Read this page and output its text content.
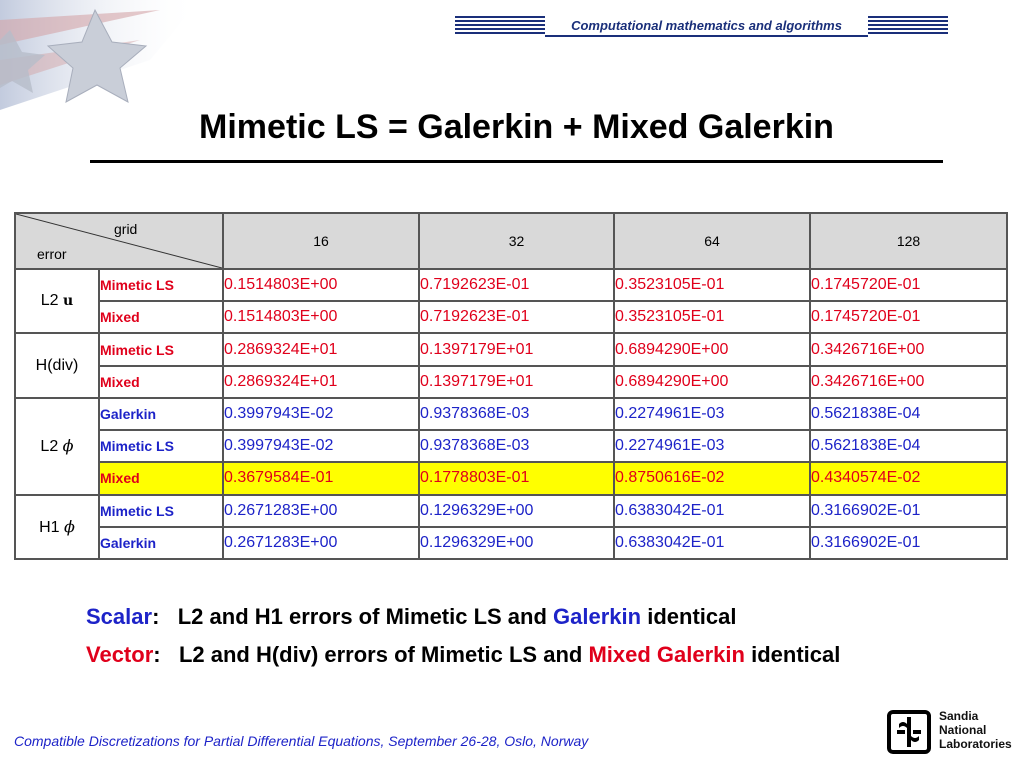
Computational mathematics and algorithms
Mimetic LS = Galerkin + Mixed Galerkin
grid
error		16	32	64	128
L2 u	Mimetic LS	0.1514803E+00	0.7192623E-01	0.3523105E-01	0.1745720E-01
	Mixed	0.1514803E+00	0.7192623E-01	0.3523105E-01	0.1745720E-01
H(div)	Mimetic LS	0.2869324E+01	0.1397179E+01	0.6894290E+00	0.3426716E+00
	Mixed	0.2869324E+01	0.1397179E+01	0.6894290E+00	0.3426716E+00
L2 ϕ	Galerkin	0.3997943E-02	0.9378368E-03	0.2274961E-03	0.5621838E-04
	Mimetic LS	0.3997943E-02	0.9378368E-03	0.2274961E-03	0.5621838E-04
	Mixed	0.3679584E-01	0.1778803E-01	0.8750616E-02	0.4340574E-02
H1 ϕ	Mimetic LS	0.2671283E+00	0.1296329E+00	0.6383042E-01	0.3166902E-01
	Galerkin	0.2671283E+00	0.1296329E+00	0.6383042E-01	0.3166902E-01

Scalar: L2 and H1 errors of Mimetic LS and Galerkin identical

Vector: L2 and H(div) errors of Mimetic LS and Mixed Galerkin identical

Compatible Discretizations for Partial Differential Equations, September 26-28, Oslo, Norway
Sandia
National
Laboratories
